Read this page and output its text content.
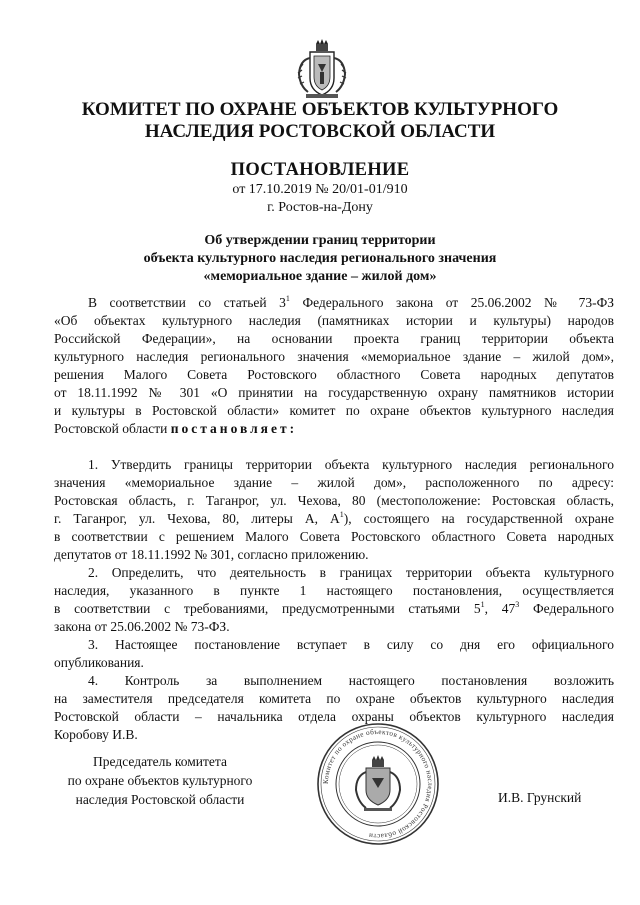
КОМИТЕТ ПО ОХРАНЕ ОБЪЕКТОВ КУЛЬТУРНОГО
НАСЛЕДИЯ РОСТОВСКОЙ ОБЛАСТИ
ПОСТАНОВЛЕНИЕ
от 17.10.2019 № 20/01-01/910
г. Ростов-на-Дону
Об утверждении границ территории
объекта культурного наследия регионального значения
«мемориальное здание – жилой дом»
В соответствии со статьей $3^1$ Федерального закона от 25.06.2002 № 73-ФЗ
«Об объектах культурного наследия (памятниках истории и культуры) народов
Российской Федерации», на основании проекта границ территории объекта
культурного наследия регионального значения «мемориальное здание – жилой дом»,
решения Малого Совета Ростовского областного Совета народных депутатов
от 18.11.1992 № 301 «О принятии на государственную охрану памятников истории
и культуры в Ростовской области» комитет по охране объектов культурного наследия
Ростовской области постановляет:
1. Утвердить границы территории объекта культурного наследия регионального
значения «мемориальное здание – жилой дом», расположенного по адресу:
Ростовская область, г. Таганрог, ул. Чехова, 80 (местоположение: Ростовская область,
г. Таганрог, ул. Чехова, 80, литеры А, $А^1$), состоящего на государственной охране
в соответствии с решением Малого Совета Ростовского областного Совета народных
депутатов от 18.11.1992 № 301, согласно приложению.
2. Определить, что деятельность в границах территории объекта культурного
наследия, указанного в пункте 1 настоящего постановления, осуществляется
в соответствии с требованиями, предусмотренными статьями $5^1$, $47^3$ Федерального
закона от 25.06.2002 № 73-ФЗ.
3. Настоящее постановление вступает в силу со дня его официального
опубликования.
4. Контроль за выполнением настоящего постановления возложить
на заместителя председателя комитета по охране объектов культурного наследия
Ростовской области – начальника отдела охраны объектов культурного наследия
Коробову И.В.
Председатель комитета
по охране объектов культурного
наследия Ростовской области
Комитет по охране объектов культурного наследия Ростовской области
И.В. Грунский
